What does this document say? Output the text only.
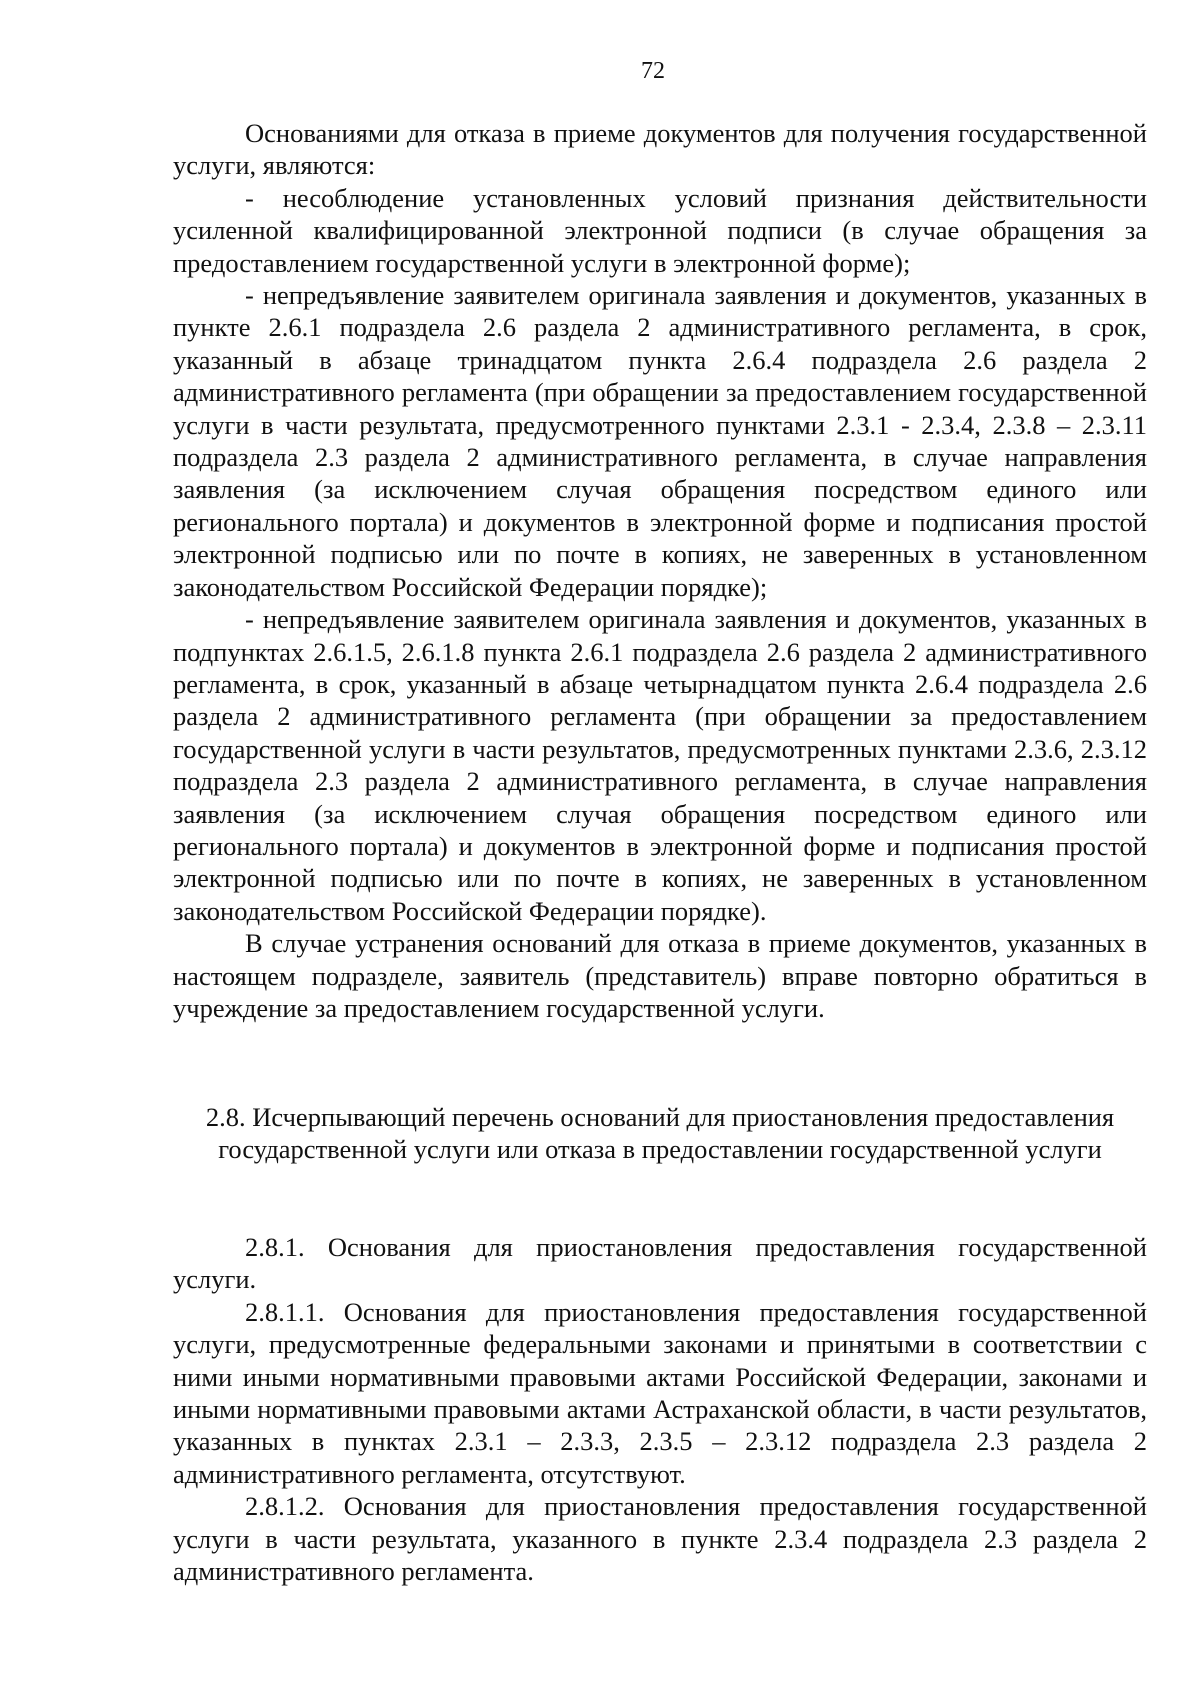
72

Основаниями для отказа в приеме документов для получения государственной услуги, являются:

- несоблюдение установленных условий признания действительности усиленной квалифицированной электронной подписи (в случае обращения за предоставлением государственной услуги в электронной форме);

- непредъявление заявителем оригинала заявления и документов, указанных в пункте 2.6.1 подраздела 2.6 раздела 2 административного регламента, в срок, указанный в абзаце тринадцатом пункта 2.6.4 подраздела 2.6 раздела 2 административного регламента (при обращении за предоставлением государственной услуги в части результата, предусмотренного пунктами 2.3.1 - 2.3.4, 2.3.8 – 2.3.11 подраздела 2.3 раздела 2 административного регламента, в случае направления заявления (за исключением случая обращения посредством единого или регионального портала) и документов в электронной форме и подписания простой электронной подписью или по почте в копиях, не заверенных в установленном законодательством Российской Федерации порядке);

- непредъявление заявителем оригинала заявления и документов, указанных в подпунктах 2.6.1.5, 2.6.1.8 пункта 2.6.1 подраздела 2.6 раздела 2 административного регламента, в срок, указанный в абзаце четырнадцатом пункта 2.6.4 подраздела 2.6 раздела 2 административного регламента (при обращении за предоставлением государственной услуги в части результатов, предусмотренных пунктами 2.3.6, 2.3.12 подраздела 2.3 раздела 2 административного регламента, в случае направления заявления (за исключением случая обращения посредством единого или регионального портала) и документов в электронной форме и подписания простой электронной подписью или по почте в копиях, не заверенных в установленном законодательством Российской Федерации порядке).

В случае устранения оснований для отказа в приеме документов, указанных в настоящем подразделе, заявитель (представитель) вправе повторно обратиться в учреждение за предоставлением государственной услуги.

2.8. Исчерпывающий перечень оснований для приостановления предоставления государственной услуги или отказа в предоставлении государственной услуги

2.8.1. Основания для приостановления предоставления государственной услуги.

2.8.1.1. Основания для приостановления предоставления государственной услуги, предусмотренные федеральными законами и принятыми в соответствии с ними иными нормативными правовыми актами Российской Федерации, законами и иными нормативными правовыми актами Астраханской области, в части результатов, указанных в пунктах 2.3.1 – 2.3.3, 2.3.5 – 2.3.12 подраздела 2.3 раздела 2 административного регламента, отсутствуют.

2.8.1.2. Основания для приостановления предоставления государственной услуги в части результата, указанного в пункте 2.3.4 подраздела 2.3 раздела 2 административного регламента.
